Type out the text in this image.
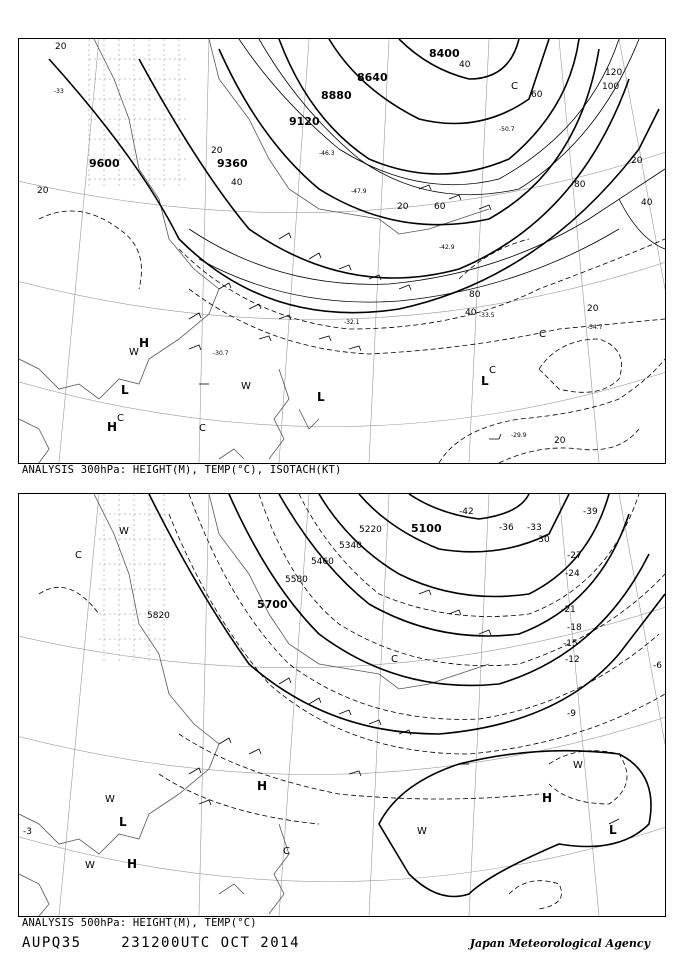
9600	9360
9120
8880
8640
8400
20
20
40
20
40
60
80
100
120
80
60
40
20	40
20
20
20
-33
-47.9
-46.3
-42.9
-33.5
-32.1
-34.7
-30.7
-29.9
-50.7
H
H
W
W
L	L
L
C
C
C
C
C
ANALYSIS 300hPa: HEIGHT(M), TEMP(°C), ISOTACH(KT)
5100
5220
5340
5460
5580
5700
5820
-39
-42
-36 -33
-30
-27
-24
-21
-18
-15
-12
-9
-6
-3
W
C
W
L
W	H
H
C
H
W
W
L
C
ANALYSIS 500hPa: HEIGHT(M), TEMP(°C)
AUPQ35	231200UTC OCT 2014	Japan Meteorological Agency
